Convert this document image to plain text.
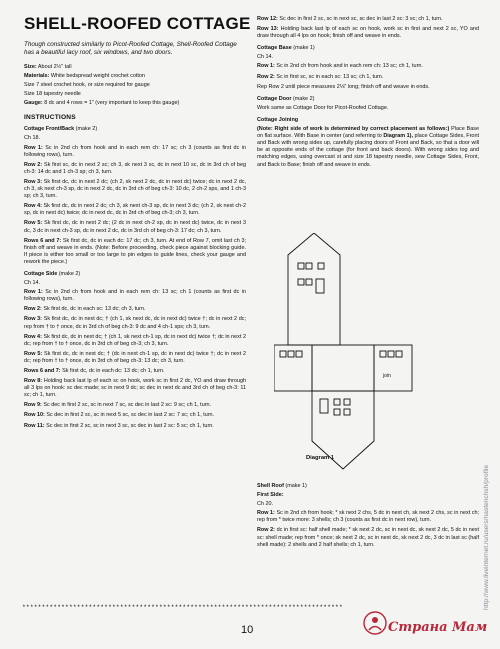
SHELL-ROOFED COTTAGE
Though constructed similarly to Picot-Roofed Cottage, Shell-Roofed Cottage has a beautiful lacy roof, six windows, and two doors.
Size: About 2½" tall
Materials: White bedspread weight crochet cotton
Size 7 steel crochet hook, or size required for gauge
Size 18 tapestry needle
Gauge: 8 dc and 4 rows = 1" (very important to keep this gauge)
INSTRUCTIONS
Cottage Front/Back (make 2)
Ch 18.
Row 1: Sc in 2nd ch from hook and in each rem ch: 17 sc; ch 3 (counts as first dc in following rows), turn.
Row 2: Sk first sc, dc in next 2 sc; ch 3, sk next 3 sc, dc in next 10 sc, dc in 3rd ch of beg ch-3: 14 dc and 1 ch-3 sp; ch 3, turn.
Row 3: Sk first dc, dc in next 2 dc; (ch 2, sk next 2 dc, dc in next dc) twice; dc in next 2 dc, ch 3, sk next ch-3 sp, dc in next 2 dc, dc in 3rd ch of beg ch-3: 10 dc, 2 ch-2 sps, and 1 ch-3 sp; ch 3, turn.
Row 4: Sk first dc, dc in next 2 dc; ch 3, sk next ch-3 sp, dc in next 3 dc; (ch 2, sk next ch-2 sp, dc in next dc) twice; dc in next dc, dc in 3rd ch of beg ch-3; ch 3, turn.
Row 5: Sk first dc, dc in next 2 dc; (2 dc in next ch-2 sp, dc in next dc) twice, dc in next 3 dc, 3 dc in next ch-3 sp, dc in next 2 dc, dc in 3rd ch of beg ch-3: 17 dc; ch 3, turn.
Rows 6 and 7: Sk first dc, dc in each dc: 17 dc; ch 3, turn. At end of Row 7, omit last ch 3; finish off and weave in ends. (Note: Before proceeding, check piece against blocking guide. If piece is either too small or too large to pin edges to guide lines, check your gauge and rework the piece.)
Cottage Side (make 2)
Ch 14.
Row 1: Sc in 2nd ch from hook and in each rem ch: 13 sc; ch 1 (counts as first dc in following rows), turn.
Row 2: Sk first dc, dc in each sc: 13 dc; ch 3, turn.
Row 3: Sk first dc, dc in next dc; † (ch 1, sk next dc, dc in next dc) twice †; dc in next 2 dc; rep from † to † once, dc in 3rd ch of beg ch-3: 9 dc and 4 ch-1 sps; ch 3, turn.
Row 4: Sk first dc, dc in next dc; † (ch 1, sk next ch-1 sp, dc in next dc) twice †; dc in next 2 dc; rep from † to † once, dc in 3rd ch of beg ch-3; ch 3, turn.
Row 5: Sk first dc, dc in next dc; † (dc in next ch-1 sp, dc in next dc) twice †; dc in next 2 dc; rep from † to † once, dc in 3rd ch of beg ch-3: 13 dc; ch 3, turn.
Rows 6 and 7: Sk first dc, dc in each dc: 13 dc; ch 1, turn.
Row 8: Holding back last lp of each sc on hook, work sc in first 2 dc, YO and draw through all 3 lps on hook: sc dec made; sc in next 9 dc; sc dec in next dc and 3rd ch of beg ch-3: 11 sc; ch 1, turn.
Row 9: Sc dec in first 2 sc, sc in next 7 sc, sc dec in last 2 sc: 9 sc; ch 1, turn.
Row 10: Sc dec in first 2 sc, sc in next 5 sc, sc dec in last 2 sc: 7 sc; ch 1, turn.
Row 11: Sc dec in first 2 sc, sc in next 3 sc, sc dec in last 2 sc: 5 sc; ch 1, turn.
Row 12: Sc dec in first 2 sc, sc in next sc, sc dec in last 2 sc: 3 sc; ch 1, turn.
Row 13: Holding back last lp of each sc on hook, work sc in first and next 2 sc, YO and draw through all 4 lps on hook; finish off and weave in ends.
Cottage Base (make 1)
Ch 14.
Row 1: Sc in 2nd ch from hook and in each rem ch: 13 sc; ch 1, turn.
Row 2: Sc in first sc, sc in each sc: 13 sc; ch 1, turn.
Rep Row 2 until piece measures 2⅛" long; finish off and weave in ends.
Cottage Door (make 2)
Work same as Cottage Door for Picot-Roofed Cottage.
Cottage Joining
(Note: Right side of work is determined by correct placement as follows:) Place Base on flat surface. With Base in center (and referring to Diagram 1), place Cottage Sides, Front and Back with wrong sides up, carefully placing doors of Front and Back, so that a door will be at opposite ends of the cottage (for front and back doors). With wrong sides tog and matching edges, using overcast st and size 18 tapestry needle, sew Cottage Sides, Front, and Back to Base; finish off and weave in ends.
join
Diagram 1
Shell Roof (make 1)
First Side:
Ch 20.
Row 1: Sc in 2nd ch from hook; * sk next 2 chs, 5 dc in next ch, sk next 2 chs, sc in next ch; rep from * twice more: 3 shells; ch 3 (counts as first dc in next row), turn.
Row 2: dc in first sc: half shell made; * sk next 2 dc, sc in next dc, sk next 2 dc, 5 dc in next sc: shell made; rep from * once; sk next 2 dc, sc in next dc, sk next 2 dc, 3 dc in last sc (half shell made): 2 shells and 2 half shells; ch 1, turn.
**********************************************************************************
10
http://www.liveinternet.ru/users/nastenchsh/profile
Страна Мам
